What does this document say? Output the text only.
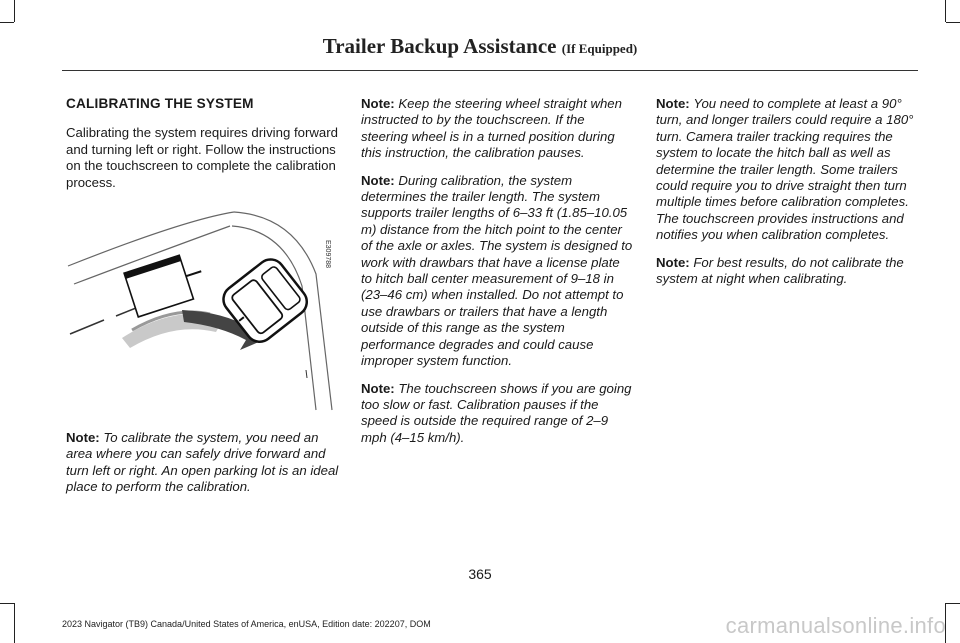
Trailer Backup Assistance (If Equipped)
CALIBRATING THE SYSTEM
Calibrating the system requires driving forward and turning left or right. Follow the instructions on the touchscreen to complete the calibration process.
E309788
Note: To calibrate the system, you need an area where you can safely drive forward and turn left or right. An open parking lot is an ideal place to perform the calibration.
Note: Keep the steering wheel straight when instructed to by the touchscreen. If the steering wheel is in a turned position during this instruction, the calibration pauses.
Note: During calibration, the system determines the trailer length. The system supports trailer lengths of 6–33 ft (1.85–10.05 m) distance from the hitch point to the center of the axle or axles. The system is designed to work with drawbars that have a license plate to hitch ball center measurement of 9–18 in (23–46 cm) when installed. Do not attempt to use drawbars or trailers that have a length outside of this range as the system performance degrades and could cause improper system function.
Note: The touchscreen shows if you are going too slow or fast. Calibration pauses if the speed is outside the required range of 2–9 mph (4–15 km/h).
Note: You need to complete at least a 90° turn, and longer trailers could require a 180° turn. Camera trailer tracking requires the system to locate the hitch ball as well as determine the trailer length. Some trailers could require you to drive straight then turn multiple times before calibration completes. The touchscreen provides instructions and notifies you when calibration completes.
Note: For best results, do not calibrate the system at night when calibrating.
365
2023 Navigator (TB9) Canada/United States of America, enUSA, Edition date: 202207, DOM	carmanualsonline.info
